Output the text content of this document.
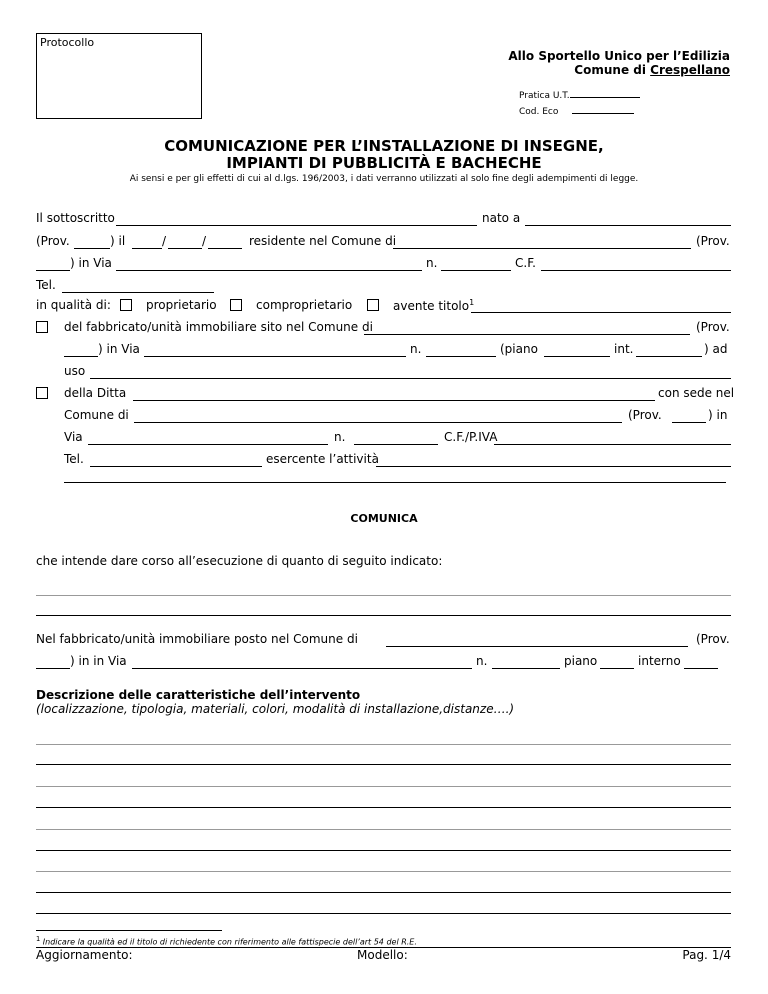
Protocollo
Allo Sportello Unico per l’Edilizia
Comune di Crespellano
Pratica U.T.
Cod. Eco
COMUNICAZIONE PER L’INSTALLAZIONE DI INSEGNE,
IMPIANTI DI PUBBLICITÀ E BACHECHE
Ai sensi e per gli effetti di cui al d.lgs. 196/2003, i dati verranno utilizzati al solo fine degli adempimenti di legge.
Il sottoscritto	nato a
(Prov.	) il	/	/	residente nel Comune di	(Prov.
) in Via	n.	C.F.
Tel.
in qualità di:	proprietario	comproprietario	avente titolo$^1$
del fabbricato/unità immobiliare sito nel Comune di	(Prov.
) in Via	n.	(piano	int.	) ad
uso
della Ditta	con sede nel
Comune di	(Prov.	) in
Via	n.	C.F./P.IVA
Tel.	esercente l’attività
COMUNICA
che intende dare corso all’esecuzione di quanto di seguito indicato:
Nel fabbricato/unità immobiliare posto nel Comune di	(Prov.
) in in Via	n.	piano	interno
Descrizione delle caratteristiche dell’intervento
(localizzazione, tipologia, materiali, colori, modalità di installazione,distanze….)
$^1$ Indicare la qualità ed il titolo di richiedente con riferimento alle fattispecie dell’art 54 del R.E.
Aggiornamento:	Modello:	Pag. 1/4
